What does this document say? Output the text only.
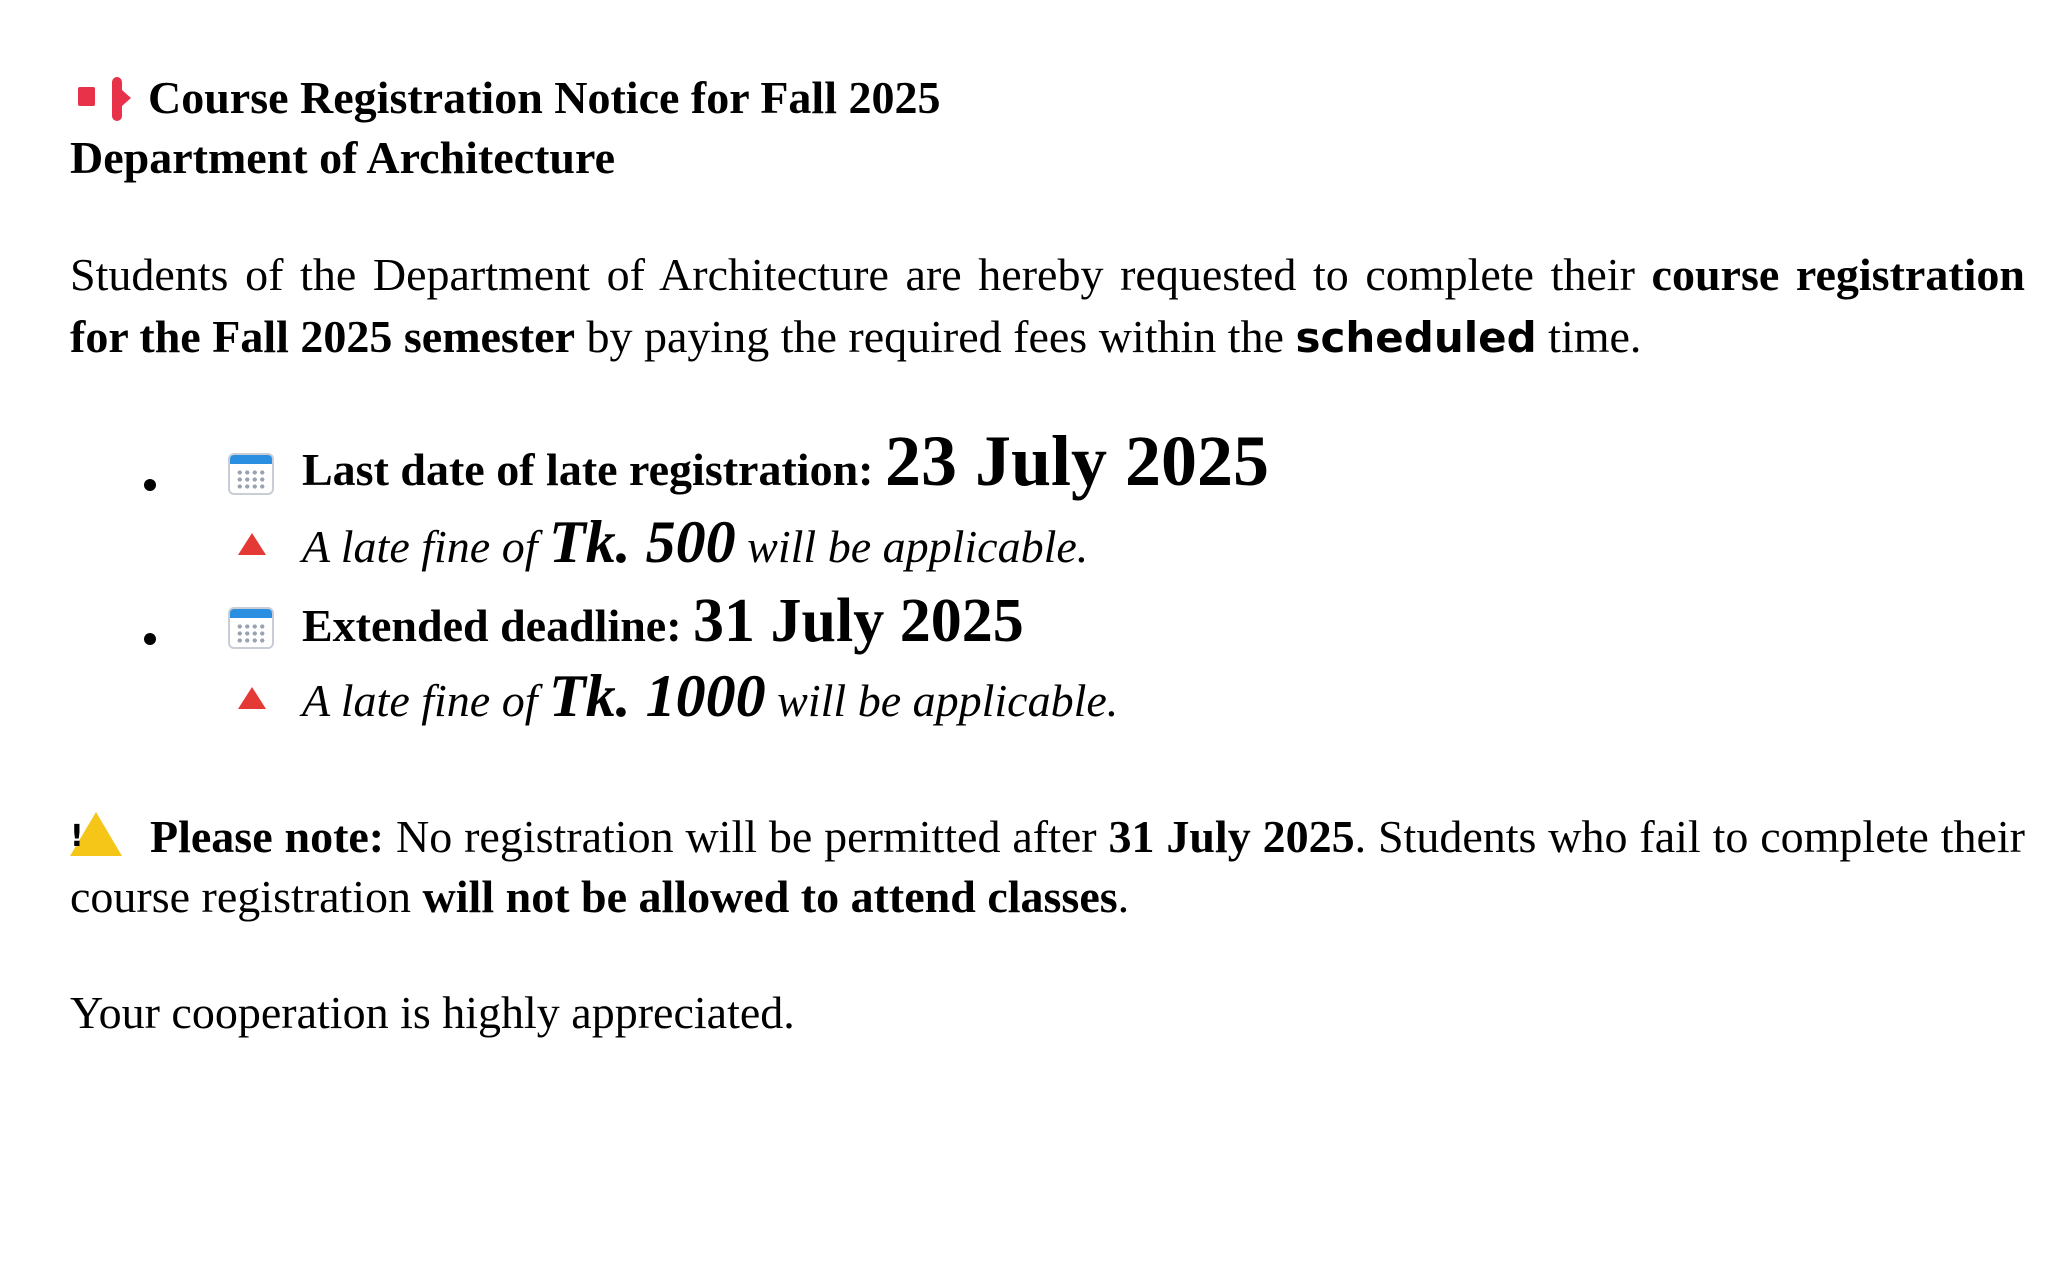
Course Registration Notice for Fall 2025
Department of Architecture
Students of the Department of Architecture are hereby requested to complete their course registration for the Fall 2025 semester by paying the required fees within the scheduled time.
Last date of late registration: 23 July 2025
A late fine of Tk. 500 will be applicable.
Extended deadline: 31 July 2025
A late fine of Tk. 1000 will be applicable.
!	Please note: No registration will be permitted after 31 July 2025. Students who fail to complete their course registration will not be allowed to attend classes.
Your cooperation is highly appreciated.
